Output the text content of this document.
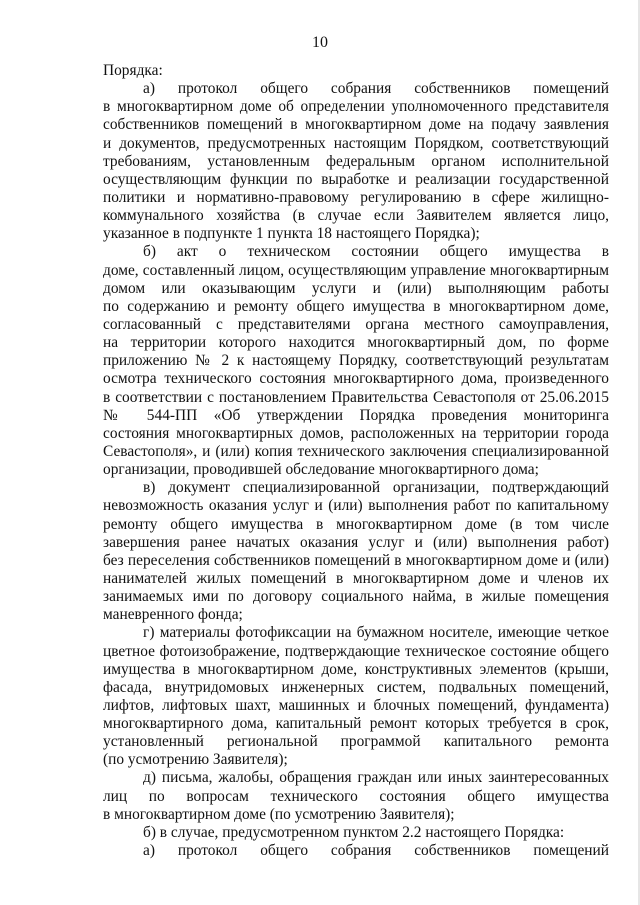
10
Порядка:
а) протокол общего собрания собственников помещений
в многоквартирном доме об определении уполномоченного представителя
собственников помещений в многоквартирном доме на подачу заявления
и документов, предусмотренных настоящим Порядком, соответствующий
требованиям, установленным федеральным органом исполнительной
осуществляющим функции по выработке и реализации государственной
политики и нормативно-правовому регулированию в сфере жилищно-
коммунального хозяйства (в случае если Заявителем является лицо,
указанное в подпункте 1 пункта 18 настоящего Порядка);
б) акт о техническом состоянии общего имущества в
доме, составленный лицом, осуществляющим управление многоквартирным
домом или оказывающим услуги и (или) выполняющим работы
по содержанию и ремонту общего имущества в многоквартирном доме,
согласованный с представителями органа местного самоуправления,
на территории которого находится многоквартирный дом, по форме
приложению № 2 к настоящему Порядку, соответствующий результатам
осмотра технического состояния многоквартирного дома, произведенного
в соответствии с постановлением Правительства Севастополя от 25.06.2015
№ 544-ПП «Об утверждении Порядка проведения мониторинга
состояния многоквартирных домов, расположенных на территории города
Севастополя», и (или) копия технического заключения специализированной
организации, проводившей обследование многоквартирного дома;
в) документ специализированной организации, подтверждающий
невозможность оказания услуг и (или) выполнения работ по капитальному
ремонту общего имущества в многоквартирном доме (в том числе
завершения ранее начатых оказания услуг и (или) выполнения работ)
без переселения собственников помещений в многоквартирном доме и (или)
нанимателей жилых помещений в многоквартирном доме и членов их
занимаемых ими по договору социального найма, в жилые помещения
маневренного фонда;
г) материалы фотофиксации на бумажном носителе, имеющие четкое
цветное фотоизображение, подтверждающие техническое состояние общего
имущества в многоквартирном доме, конструктивных элементов (крыши,
фасада, внутридомовых инженерных систем, подвальных помещений,
лифтов, лифтовых шахт, машинных и блочных помещений, фундамента)
многоквартирного дома, капитальный ремонт которых требуется в срок,
установленный региональной программой капитального ремонта
(по усмотрению Заявителя);
д) письма, жалобы, обращения граждан или иных заинтересованных
лиц по вопросам технического состояния общего имущества
в многоквартирном доме (по усмотрению Заявителя);
б) в случае, предусмотренном пунктом 2.2 настоящего Порядка:
а) протокол общего собрания собственников помещений
